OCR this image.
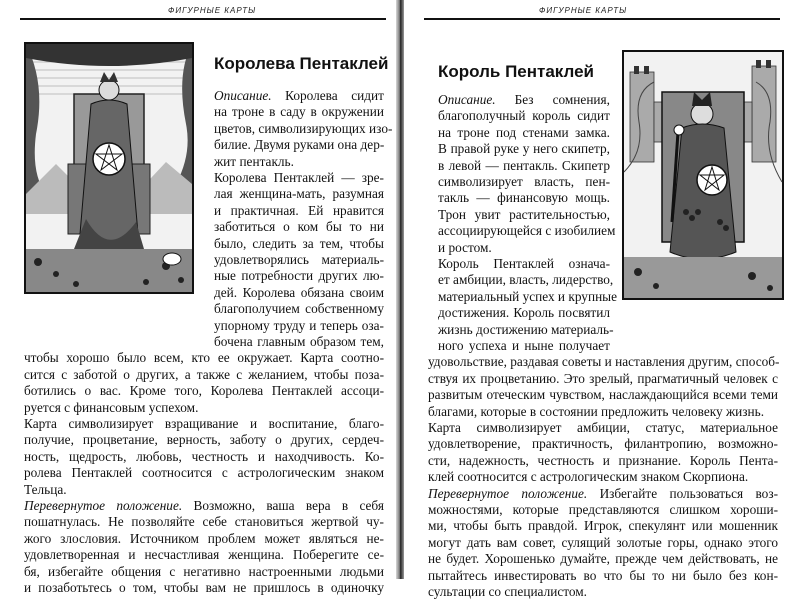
ФИГУРНЫЕ КАРТЫ
Королева Пентаклей

Описание. Королева сидит

на троне в саду в окружении

цветов, символизирующих изо-

билие. Двумя руками она дер-

жит пентакль.

Королева Пентаклей — зре-

лая женщина-мать, разумная

и практичная. Ей нравится

заботиться о ком бы то ни

было, следить за тем, чтобы

удовлетворялись материаль-

ные потребности других лю-

дей. Королева обязана своим

благополучием собственному

упорному труду и теперь оза-

бочена главным образом тем,

чтобы хорошо было всем, кто ее окружает. Карта соотно-

сится с заботой о других, а также с желанием, чтобы поза-

ботились о вас. Кроме того, Королева Пентаклей ассоци-

руется с финансовым успехом.

Карта символизирует взращивание и воспитание, благо-

получие, процветание, верность, заботу о других, сердеч-

ность, щедрость, любовь, честность и находчивость. Ко-

ролева Пентаклей соотносится с астрологическим знаком

Тельца.

Перевернутое положение. Возможно, ваша вера в себя

пошатнулась. Не позволяйте себе становиться жертвой чу-

жого злословия. Источником проблем может являться не-

удовлетворенная и несчастливая женщина. Поберегите се-

бя, избегайте общения с негативно настроенными людьми

и позаботьтесь о том, чтобы вам не пришлось в одиночку

ФИГУРНЫЕ КАРТЫ
Король Пентаклей

Описание. Без сомнения,

благополучный король сидит

на троне под стенами замка.

В правой руке у него скипетр,

в левой — пентакль. Скипетр

символизирует власть, пен-

такль — финансовую мощь.

Трон увит растительностью,

ассоциирующейся с изобилием

и ростом.

Король Пентаклей означа-

ет амбиции, власть, лидерство,

материальный успех и крупные

достижения. Король посвятил

жизнь достижению материаль-

ного успеха и ныне получает

удовольствие, раздавая советы и наставления другим, способ-

ствуя их процветанию. Это зрелый, прагматичный человек с

развитым отеческим чувством, наслаждающийся всеми теми

благами, которые в состоянии предложить человеку жизнь.

Карта символизирует амбиции, статус, материальное

удовлетворение, практичность, филантропию, возможно-

сти, надежность, честность и признание. Король Пента-

клей соотносится с астрологическим знаком Скорпиона.

Перевернутое положение. Избегайте пользоваться воз-

можностями, которые представляются слишком хороши-

ми, чтобы быть правдой. Игрок, спекулянт или мошенник

могут дать вам совет, сулящий золотые горы, однако этого

не будет. Хорошенько думайте, прежде чем действовать, не

пытайтесь инвестировать во что бы то ни было без кон-

сультации со специалистом.
